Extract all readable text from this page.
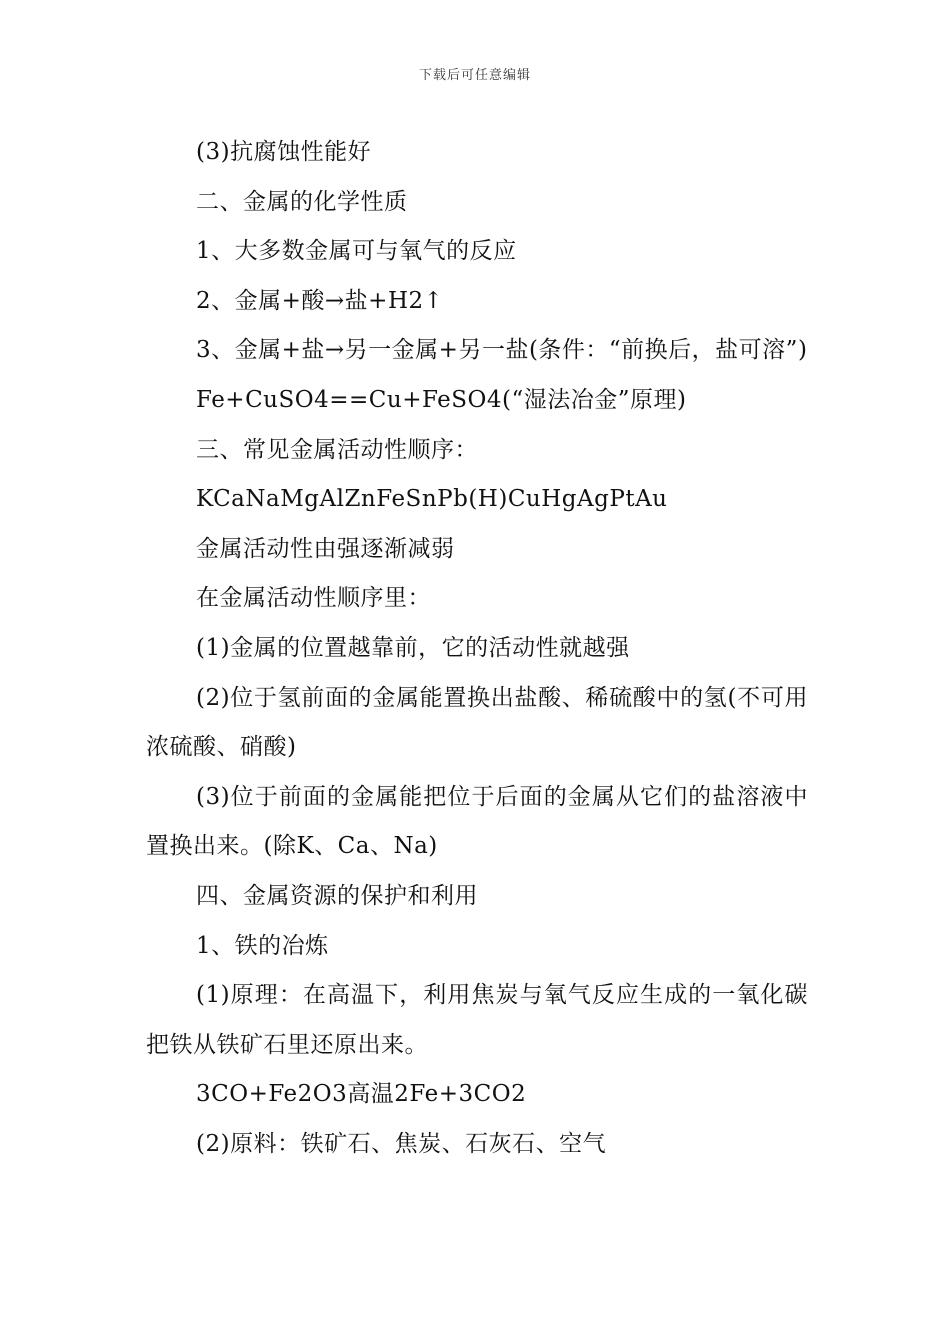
下载后可任意编辑

(3)抗腐蚀性能好

二、金属的化学性质

1、大多数金属可与氧气的反应

2、金属+酸→盐+H2↑

3、金属+盐→另一金属+另一盐(条件：“前换后，盐可溶”)

Fe+CuSO4==Cu+FeSO4(“湿法冶金”原理)

三、常见金属活动性顺序：

KCaNaMgAlZnFeSnPb(H)CuHgAgPtAu

金属活动性由强逐渐减弱

在金属活动性顺序里：

(1)金属的位置越靠前，它的活动性就越强

(2)位于氢前面的金属能置换出盐酸、稀硫酸中的氢(不可用浓硫酸、硝酸)

(3)位于前面的金属能把位于后面的金属从它们的盐溶液中置换出来。(除K、Ca、Na)

四、金属资源的保护和利用

1、铁的冶炼

(1)原理：在高温下，利用焦炭与氧气反应生成的一氧化碳把铁从铁矿石里还原出来。

3CO+Fe2O3高温2Fe+3CO2

(2)原料：铁矿石、焦炭、石灰石、空气
